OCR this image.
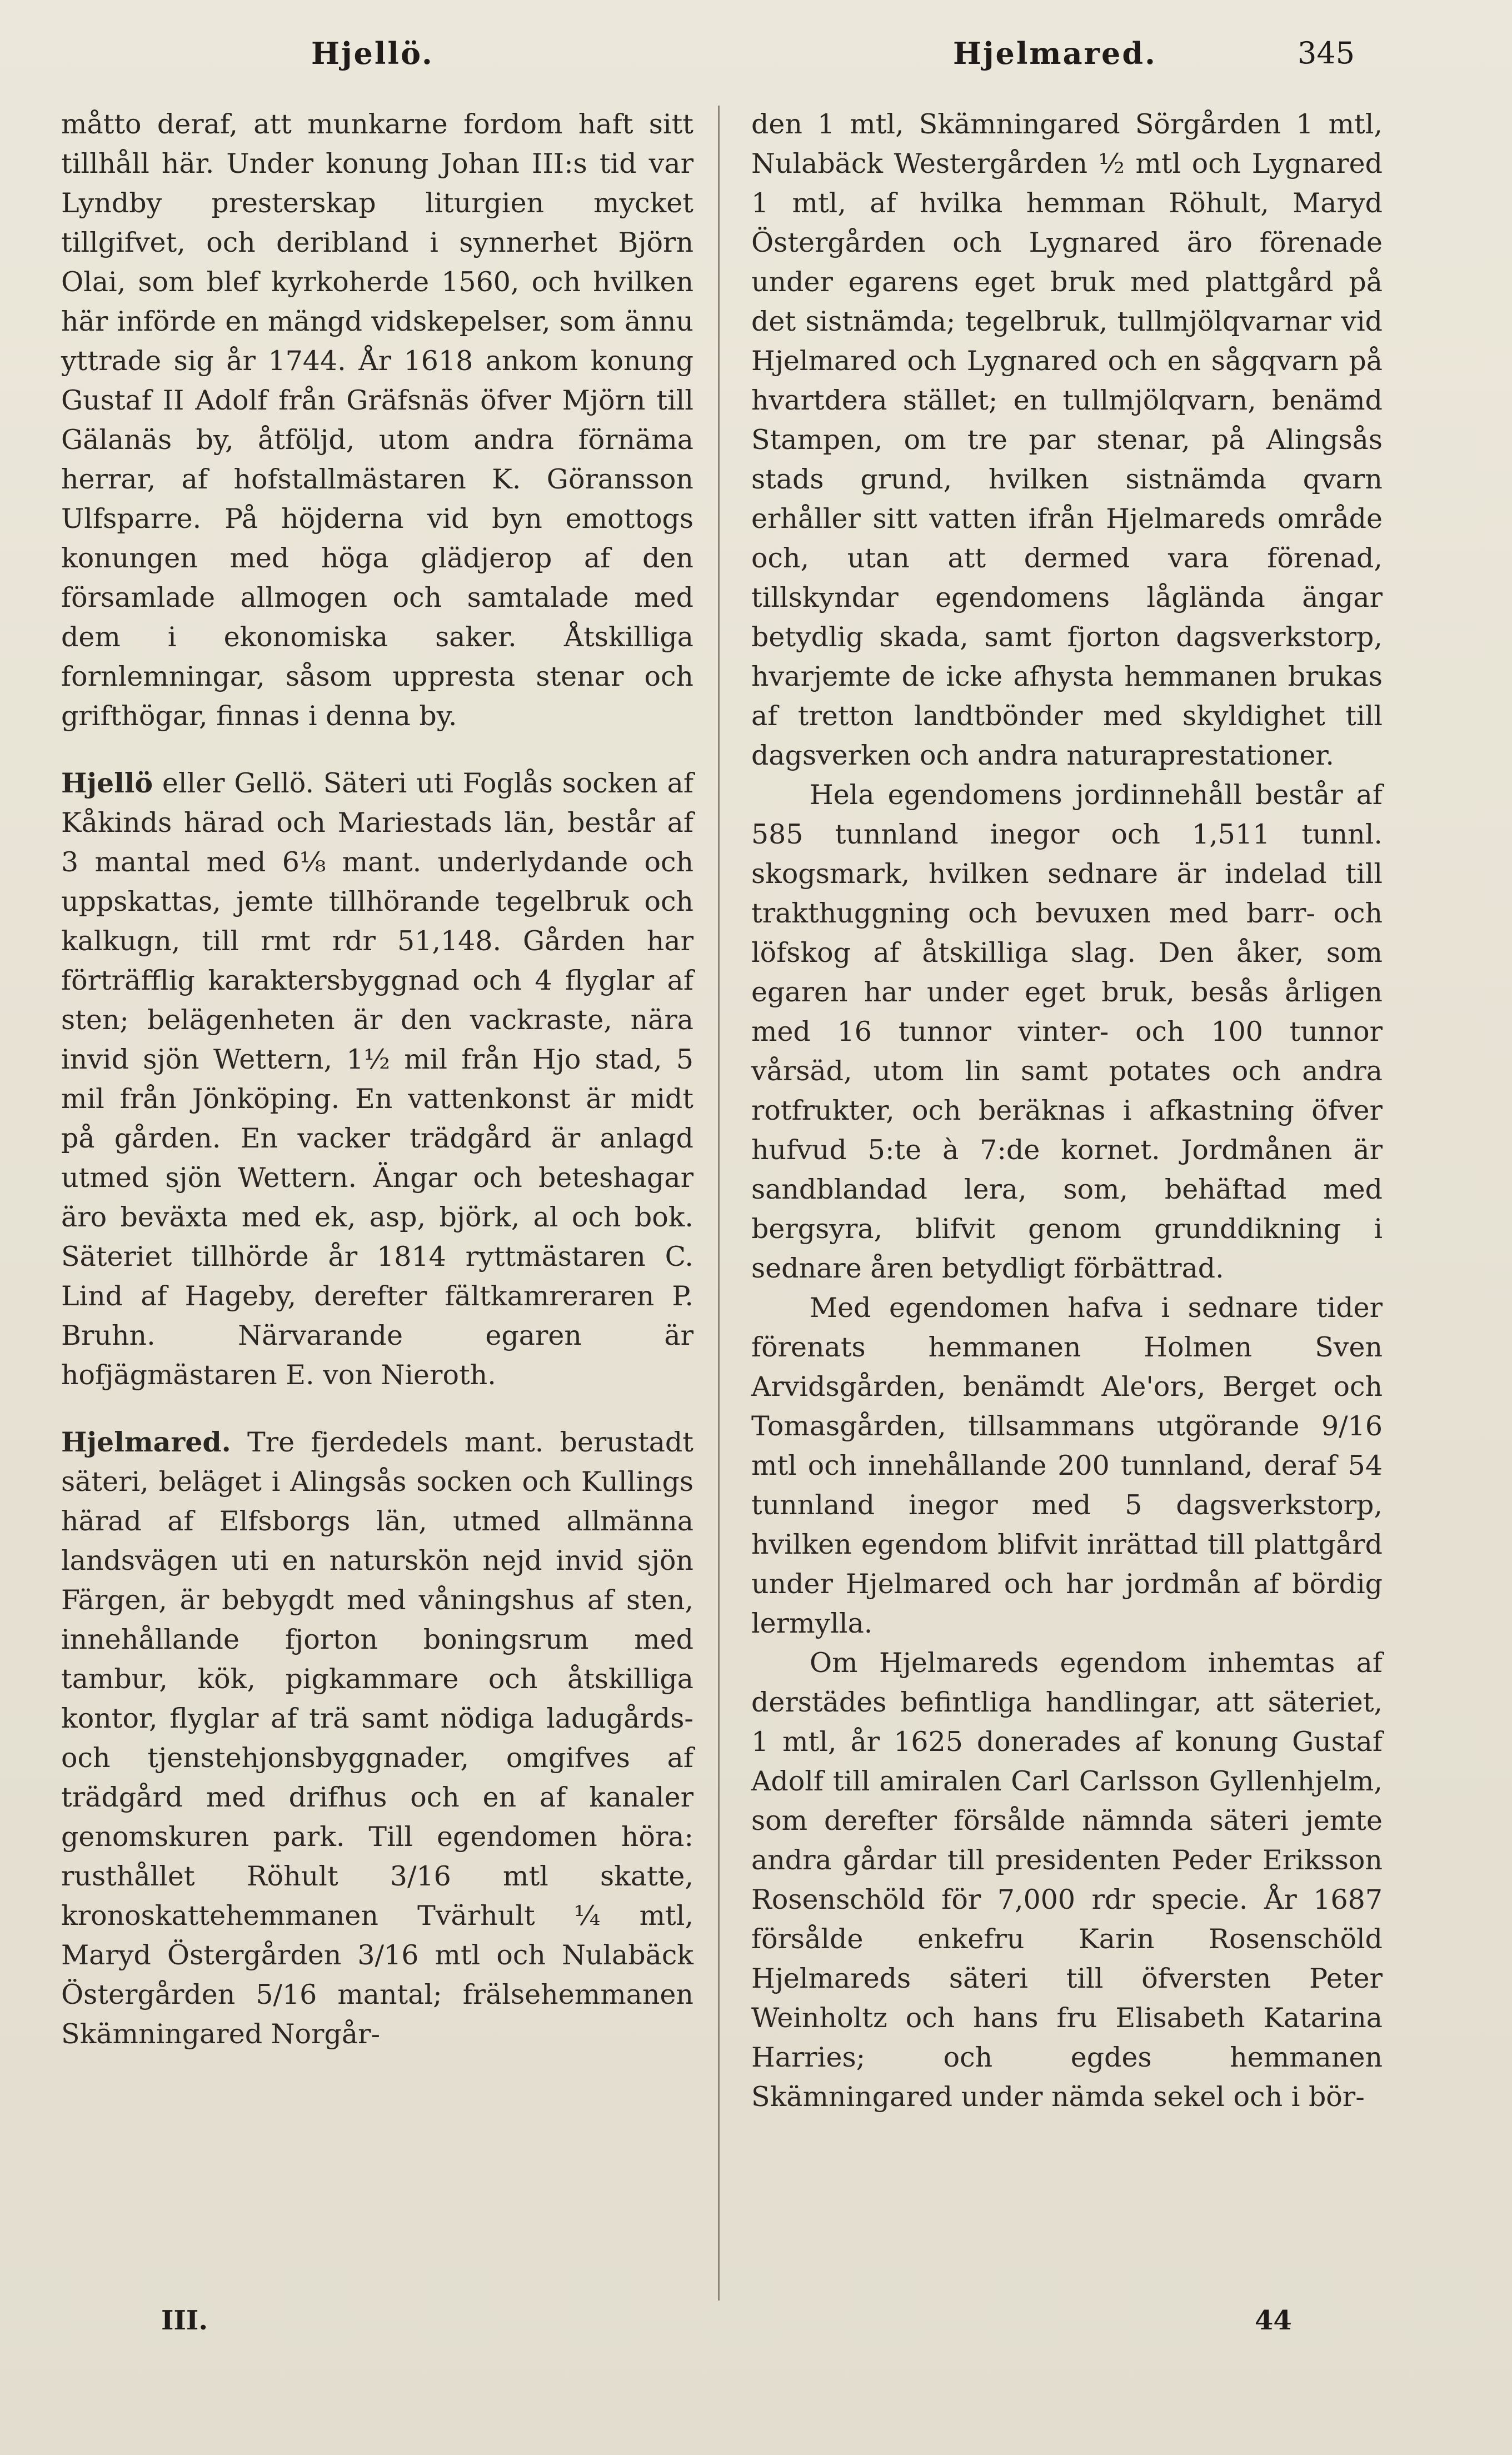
Hjellö.	Hjelmared.	345

måtto deraf, att munkarne fordom haft sitt tillhåll här. Under konung Johan III:s tid var Lyndby presterskap liturgien mycket tillgifvet, och deribland i synnerhet Björn Olai, som blef kyrkoherde 1560, och hvilken här införde en mängd vidskepelser, som ännu yttrade sig år 1744. År 1618 ankom konung Gustaf II Adolf från Gräfsnäs öfver Mjörn till Gälanäs by, åtföljd, utom andra förnäma herrar, af hofstallmästaren K. Göransson Ulfsparre. På höjderna vid byn emottogs konungen med höga glädjerop af den församlade allmogen och samtalade med dem i ekonomiska saker. Åtskilliga fornlemningar, såsom uppresta stenar och grifthögar, finnas i denna by.

Hjellö eller Gellö. Säteri uti Foglås socken af Kåkinds härad och Mariestads län, består af 3 mantal med 6⅛ mant. underlydande och uppskattas, jemte tillhörande tegelbruk och kalkugn, till rmt rdr 51,148. Gården har förträfflig karaktersbyggnad och 4 flyglar af sten; belägenheten är den vackraste, nära invid sjön Wettern, 1½ mil från Hjo stad, 5 mil från Jönköping. En vattenkonst är midt på gården. En vacker trädgård är anlagd utmed sjön Wettern. Ängar och beteshagar äro beväxta med ek, asp, björk, al och bok. Säteriet tillhörde år 1814 ryttmästaren C. Lind af Hageby, derefter fältkamreraren P. Bruhn. Närvarande egaren är hofjägmästaren E. von Nieroth.

Hjelmared. Tre fjerdedels mant. berustadt säteri, beläget i Alingsås socken och Kullings härad af Elfsborgs län, utmed allmänna landsvägen uti en naturskön nejd invid sjön Färgen, är bebygdt med våningshus af sten, innehållande fjorton boningsrum med tambur, kök, pigkammare och åtskilliga kontor, flyglar af trä samt nödiga ladugårds- och tjenstehjonsbyggnader, omgifves af trädgård med drifhus och en af kanaler genomskuren park. Till egendomen höra: rusthållet Röhult 3/16 mtl skatte, kronoskattehemmanen Tvärhult ¼ mtl, Maryd Östergården 3/16 mtl och Nulabäck Östergården 5/16 mantal; frälsehemmanen Skämningared Norgår-

den 1 mtl, Skämningared Sörgården 1 mtl, Nulabäck Westergården ½ mtl och Lygnared 1 mtl, af hvilka hemman Röhult, Maryd Östergården och Lygnared äro förenade under egarens eget bruk med plattgård på det sistnämda; tegelbruk, tullmjölqvarnar vid Hjelmared och Lygnared och en sågqvarn på hvartdera stället; en tullmjölqvarn, benämd Stampen, om tre par stenar, på Alingsås stads grund, hvilken sistnämda qvarn erhåller sitt vatten ifrån Hjelmareds område och, utan att dermed vara förenad, tillskyndar egendomens låglända ängar betydlig skada, samt fjorton dagsverkstorp, hvarjemte de icke afhysta hemmanen brukas af tretton landtbönder med skyldighet till dagsverken och andra naturaprestationer.

Hela egendomens jordinnehåll består af 585 tunnland inegor och 1,511 tunnl. skogsmark, hvilken sednare är indelad till trakthuggning och bevuxen med barr- och löfskog af åtskilliga slag. Den åker, som egaren har under eget bruk, besås årligen med 16 tunnor vinter- och 100 tunnor vårsäd, utom lin samt potates och andra rotfrukter, och beräknas i afkastning öfver hufvud 5:te à 7:de kornet. Jordmånen är sandblandad lera, som, behäftad med bergsyra, blifvit genom grunddikning i sednare åren betydligt förbättrad.

Med egendomen hafva i sednare tider förenats hemmanen Holmen Sven Arvidsgården, benämdt Ale'ors, Berget och Tomasgården, tillsammans utgörande 9/16 mtl och innehållande 200 tunnland, deraf 54 tunnland inegor med 5 dagsverkstorp, hvilken egendom blifvit inrättad till plattgård under Hjelmared och har jordmån af bördig lermylla.

Om Hjelmareds egendom inhemtas af derstädes befintliga handlingar, att säteriet, 1 mtl, år 1625 donerades af konung Gustaf Adolf till amiralen Carl Carlsson Gyllenhjelm, som derefter försålde nämnda säteri jemte andra gårdar till presidenten Peder Eriksson Rosenschöld för 7,000 rdr specie. År 1687 försålde enkefru Karin Rosenschöld Hjelmareds säteri till öfversten Peter Weinholtz och hans fru Elisabeth Katarina Harries; och egdes hemmanen Skämningared under nämda sekel och i bör-

III.	44
